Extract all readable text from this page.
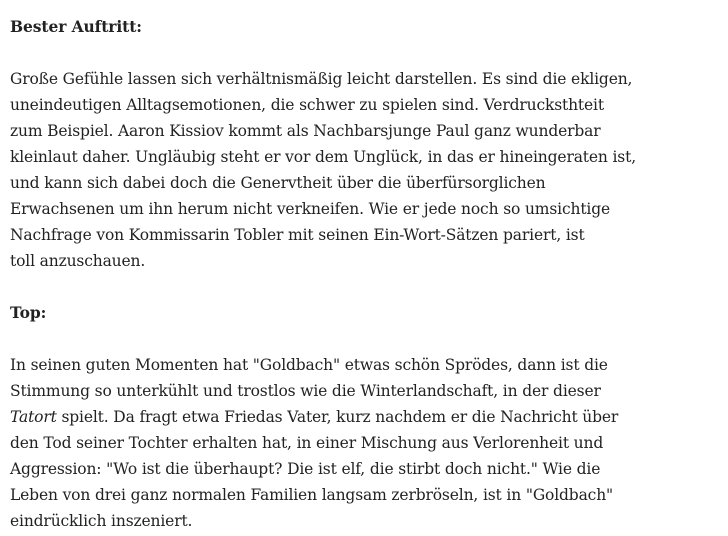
Bester Auftritt:

Große Gefühle lassen sich verhältnismäßig leicht darstellen. Es sind die ekligen,
uneindeutigen Alltagsemotionen, die schwer zu spielen sind. Verdrucksthteit
zum Beispiel. Aaron Kissiov kommt als Nachbarsjunge Paul ganz wunderbar
kleinlaut daher. Ungläubig steht er vor dem Unglück, in das er hineingeraten ist,
und kann sich dabei doch die Genervtheit über die überfürsorglichen
Erwachsenen um ihn herum nicht verkneifen. Wie er jede noch so umsichtige
Nachfrage von Kommissarin Tobler mit seinen Ein-Wort-Sätzen pariert, ist
toll anzuschauen.

Top:

In seinen guten Momenten hat "Goldbach" etwas schön Sprödes, dann ist die
Stimmung so unterkühlt und trostlos wie die Winterlandschaft, in der dieser
Tatort spielt. Da fragt etwa Friedas Vater, kurz nachdem er die Nachricht über
den Tod seiner Tochter erhalten hat, in einer Mischung aus Verlorenheit und
Aggression: "Wo ist die überhaupt? Die ist elf, die stirbt doch nicht." Wie die
Leben von drei ganz normalen Familien langsam zerbröseln, ist in "Goldbach"
eindrücklich inszeniert.
